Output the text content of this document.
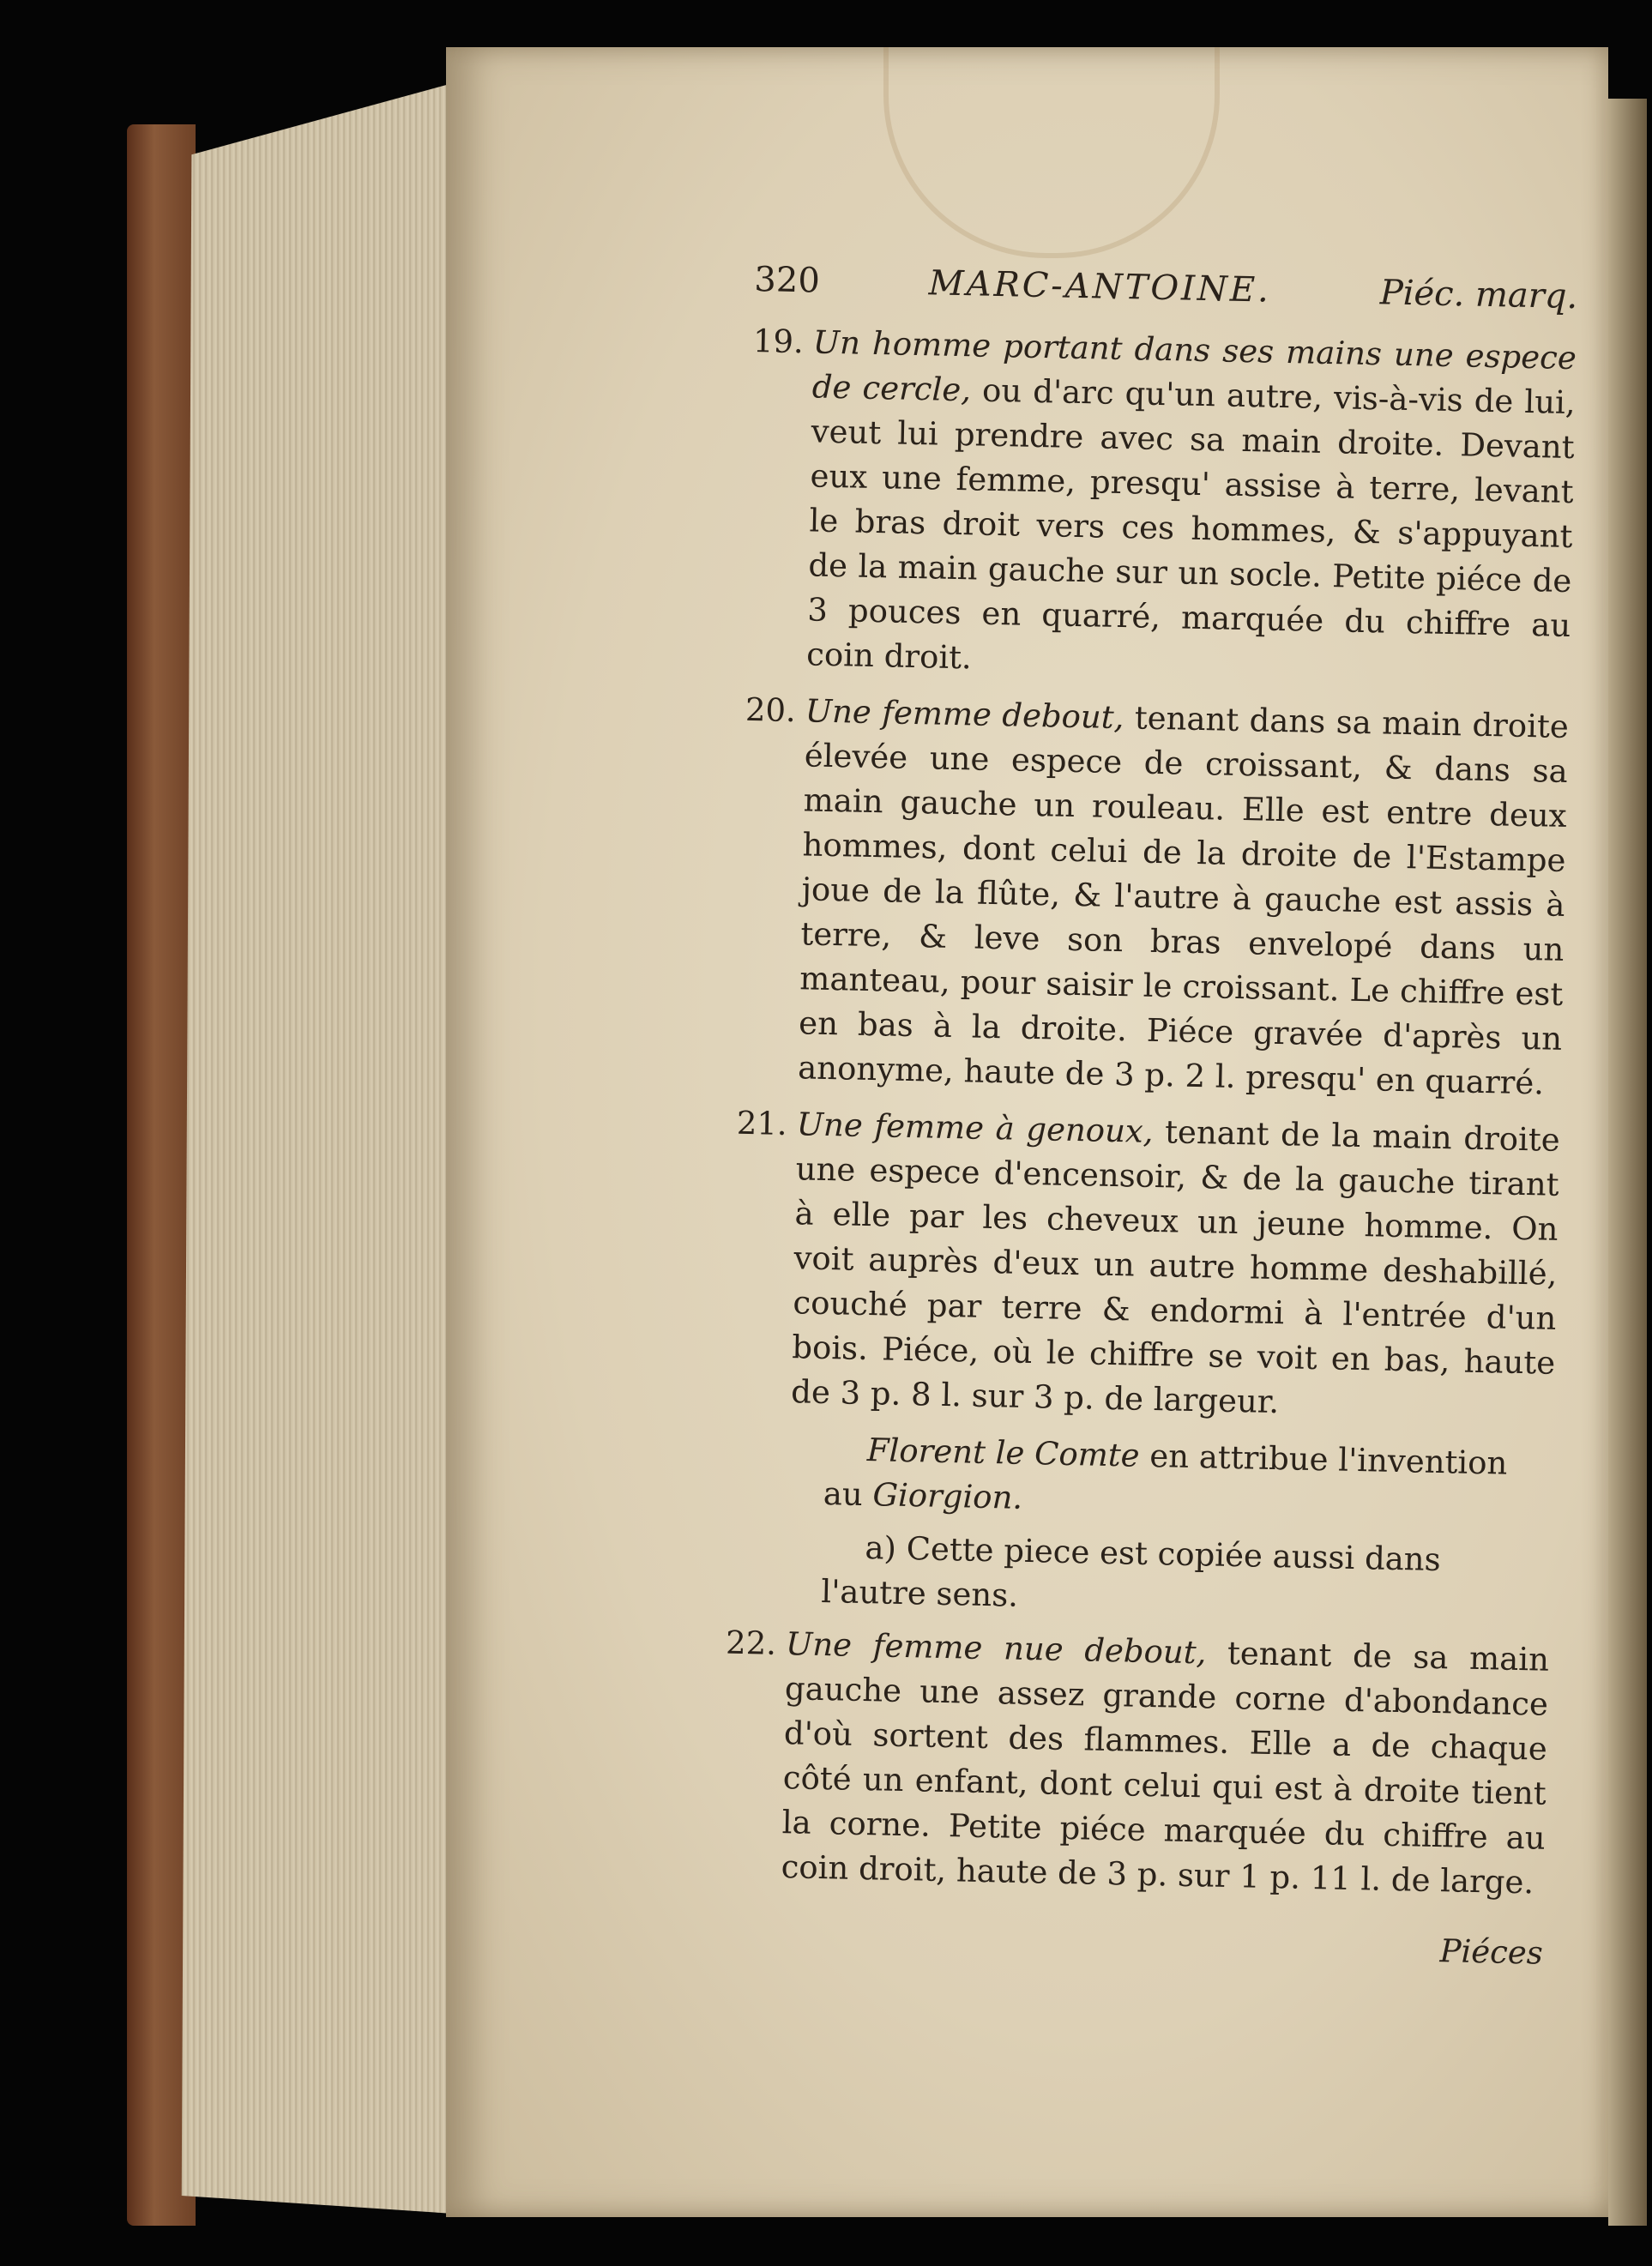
320	MARC-ANTOINE.	Piéc. marq.
19. Un homme portant dans ses mains une espece de cercle, ou d'arc qu'un autre, vis-à-vis de lui, veut lui prendre avec sa main droite. Devant eux une femme, presqu' assise à terre, levant le bras droit vers ces hommes, & s'appuyant de la main gauche sur un socle. Petite piéce de 3 pouces en quarré, marquée du chiffre au coin droit.
20. Une femme debout, tenant dans sa main droite élevée une espece de croissant, & dans sa main gauche un rouleau. Elle est entre deux hommes, dont celui de la droite de l'Estampe joue de la flûte, & l'autre à gauche est assis à terre, & leve son bras envelopé dans un manteau, pour saisir le croissant. Le chiffre est en bas à la droite. Piéce gravée d'après un anonyme, haute de 3 p. 2 l. presqu' en quarré.
21. Une femme à genoux, tenant de la main droite une espece d'encensoir, & de la gauche tirant à elle par les cheveux un jeune homme. On voit auprès d'eux un autre homme deshabillé, couché par terre & endormi à l'entrée d'un bois. Piéce, où le chiffre se voit en bas, haute de 3 p. 8 l. sur 3 p. de largeur.
Florent le Comte en attribue l'invention au Giorgion.
a) Cette piece est copiée aussi dans l'autre sens.
22. Une femme nue debout, tenant de sa main gauche une assez grande corne d'abondance d'où sortent des flammes. Elle a de chaque côté un enfant, dont celui qui est à droite tient la corne. Petite piéce marquée du chiffre au coin droit, haute de 3 p. sur 1 p. 11 l. de large.
Piéces
